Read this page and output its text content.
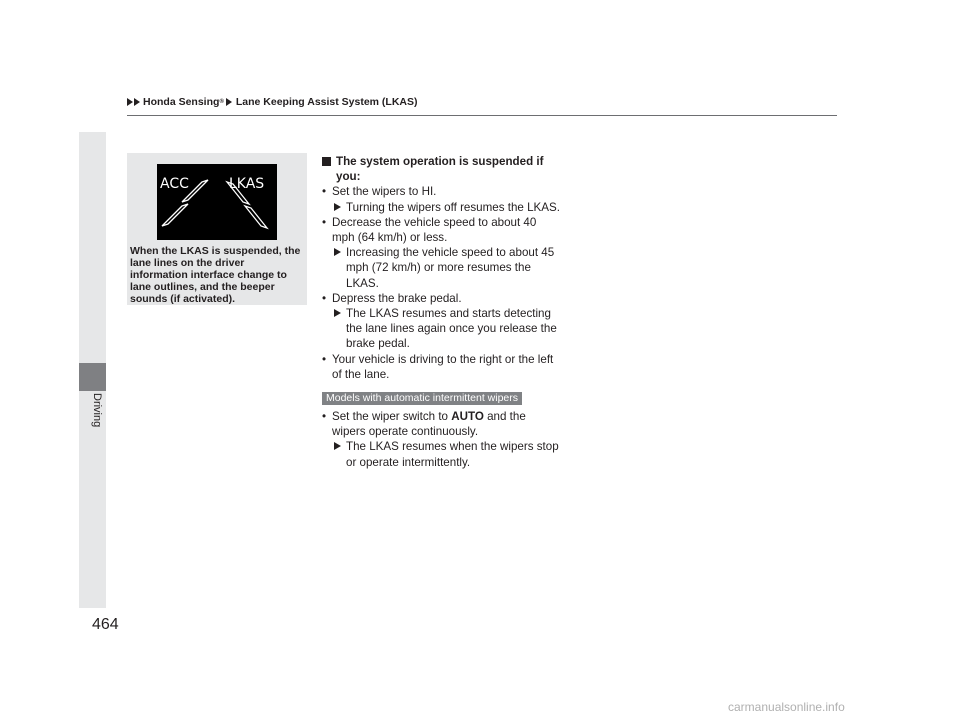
Honda Sensing ® Lane Keeping Assist System (LKAS)
Driving
ACC	LKAS
When the LKAS is suspended, the lane lines on the driver information interface change to lane outlines, and the beeper sounds (if activated).
The system operation is suspended if you:
• Set the wipers to HI.
Turning the wipers off resumes the LKAS.
• Decrease the vehicle speed to about 40 mph (64 km/h) or less.
Increasing the vehicle speed to about 45 mph (72 km/h) or more resumes the LKAS.
• Depress the brake pedal.
The LKAS resumes and starts detecting the lane lines again once you release the brake pedal.
• Your vehicle is driving to the right or the left of the lane.
Models with automatic intermittent wipers
• Set the wiper switch to AUTO and the wipers operate continuously.
The LKAS resumes when the wipers stop or operate intermittently.
464
carmanualsonline.info
